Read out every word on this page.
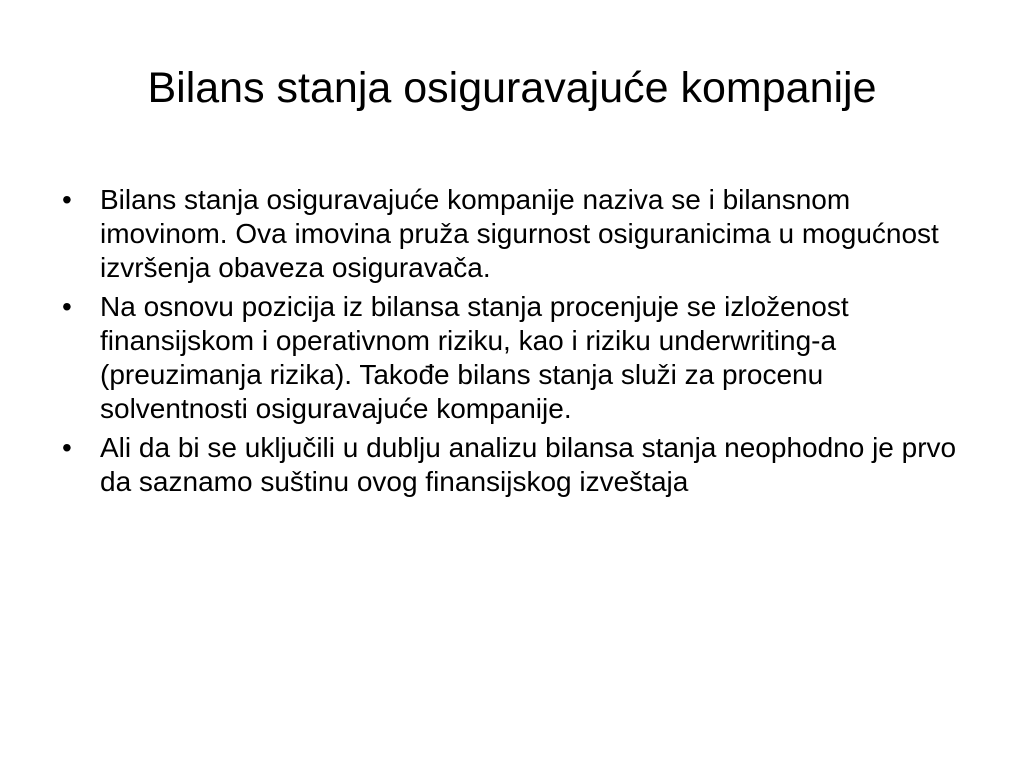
Bilans stanja osiguravajuće kompanije
•	Bilans stanja osiguravajuće kompanije naziva se i bilansnom imovinom. Ova imovina pruža sigurnost osiguranicima u mogućnost izvršenja obaveza osiguravača.
•	Na osnovu pozicija iz bilansa stanja procenjuje se izloženost finansijskom i operativnom riziku, kao i riziku underwriting-a (preuzimanja rizika). Takođe bilans stanja služi za procenu solventnosti osiguravajuće kompanije.
•	Ali da bi se uključili u dublju analizu bilansa stanja neophodno je prvo da saznamo suštinu ovog finansijskog izveštaja
